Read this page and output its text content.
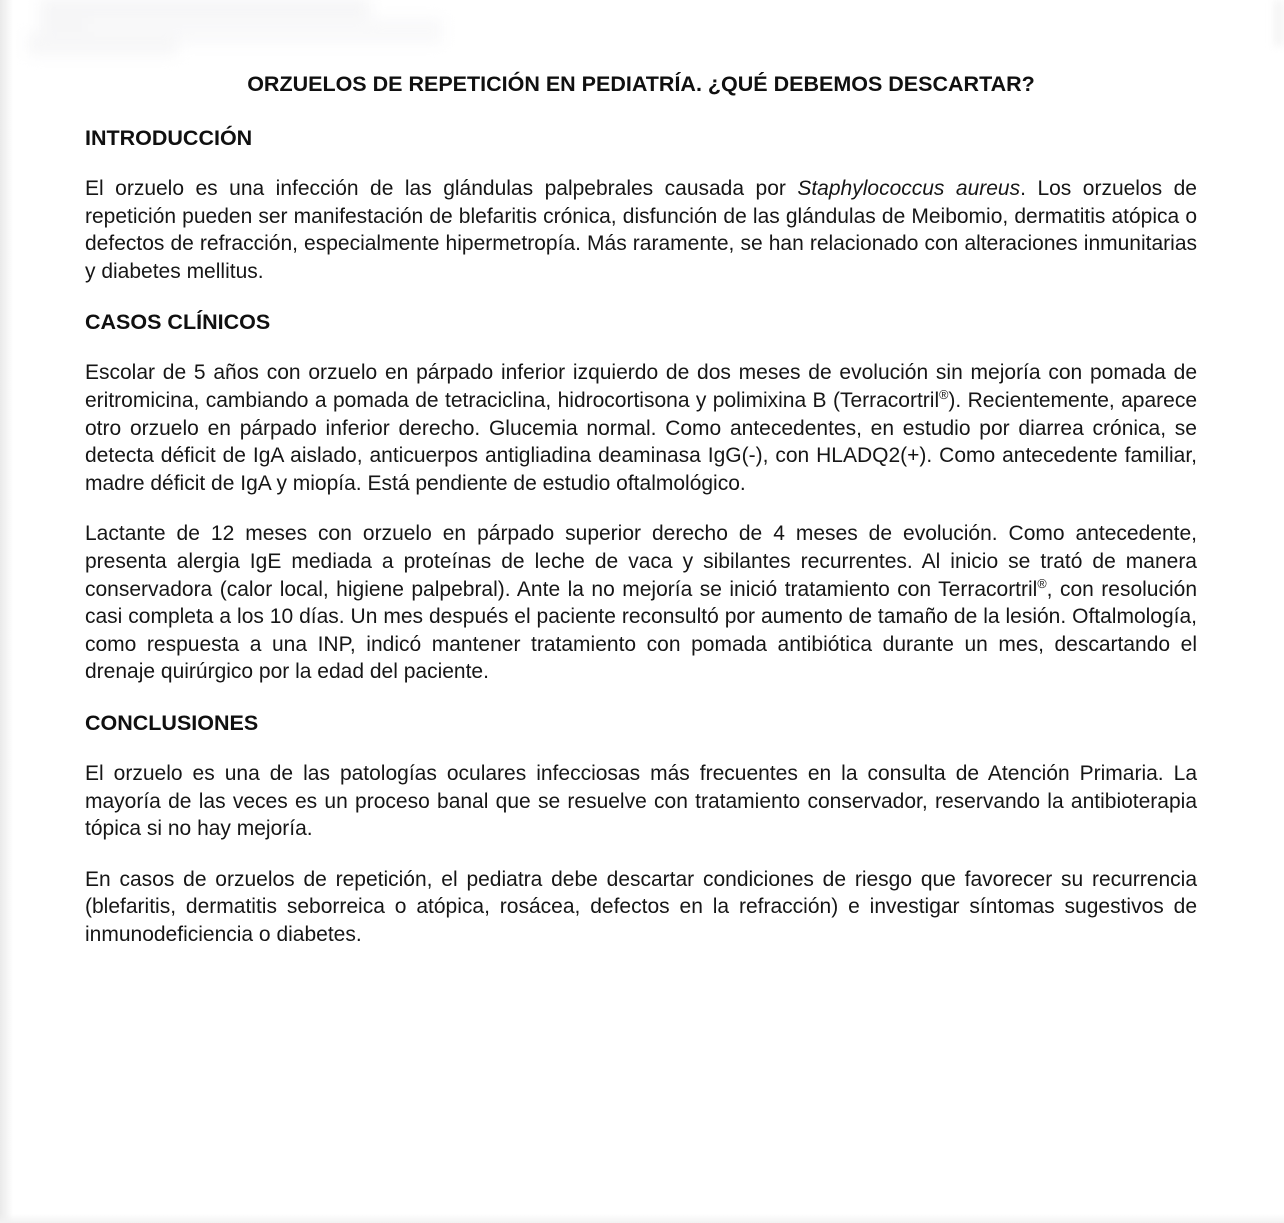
ORZUELOS DE REPETICIÓN EN PEDIATRÍA. ¿QUÉ DEBEMOS DESCARTAR?
INTRODUCCIÓN

El orzuelo es una infección de las glándulas palpebrales causada por Staphylococcus aureus. Los orzuelos de repetición pueden ser manifestación de blefaritis crónica, disfunción de las glándulas de Meibomio, dermatitis atópica o defectos de refracción, especialmente hipermetropía. Más raramente, se han relacionado con alteraciones inmunitarias y diabetes mellitus.

CASOS CLÍNICOS

Escolar de 5 años con orzuelo en párpado inferior izquierdo de dos meses de evolución sin mejoría con pomada de eritromicina, cambiando a pomada de tetraciclina, hidrocortisona y polimixina B (Terracortril®). Recientemente, aparece otro orzuelo en párpado inferior derecho. Glucemia normal. Como antecedentes, en estudio por diarrea crónica, se detecta déficit de IgA aislado, anticuerpos antigliadina deaminasa IgG(-), con HLADQ2(+). Como antecedente familiar, madre déficit de IgA y miopía. Está pendiente de estudio oftalmológico.

Lactante de 12 meses con orzuelo en párpado superior derecho de 4 meses de evolución. Como antecedente, presenta alergia IgE mediada a proteínas de leche de vaca y sibilantes recurrentes. Al inicio se trató de manera conservadora (calor local, higiene palpebral). Ante la no mejoría se inició tratamiento con Terracortril®, con resolución casi completa a los 10 días. Un mes después el paciente reconsultó por aumento de tamaño de la lesión. Oftalmología, como respuesta a una INP, indicó mantener tratamiento con pomada antibiótica durante un mes, descartando el drenaje quirúrgico por la edad del paciente.

CONCLUSIONES

El orzuelo es una de las patologías oculares infecciosas más frecuentes en la consulta de Atención Primaria. La mayoría de las veces es un proceso banal que se resuelve con tratamiento conservador, reservando la antibioterapia tópica si no hay mejoría.

En casos de orzuelos de repetición, el pediatra debe descartar condiciones de riesgo que favorecer su recurrencia (blefaritis, dermatitis seborreica o atópica, rosácea, defectos en la refracción) e investigar síntomas sugestivos de inmunodeficiencia o diabetes.
